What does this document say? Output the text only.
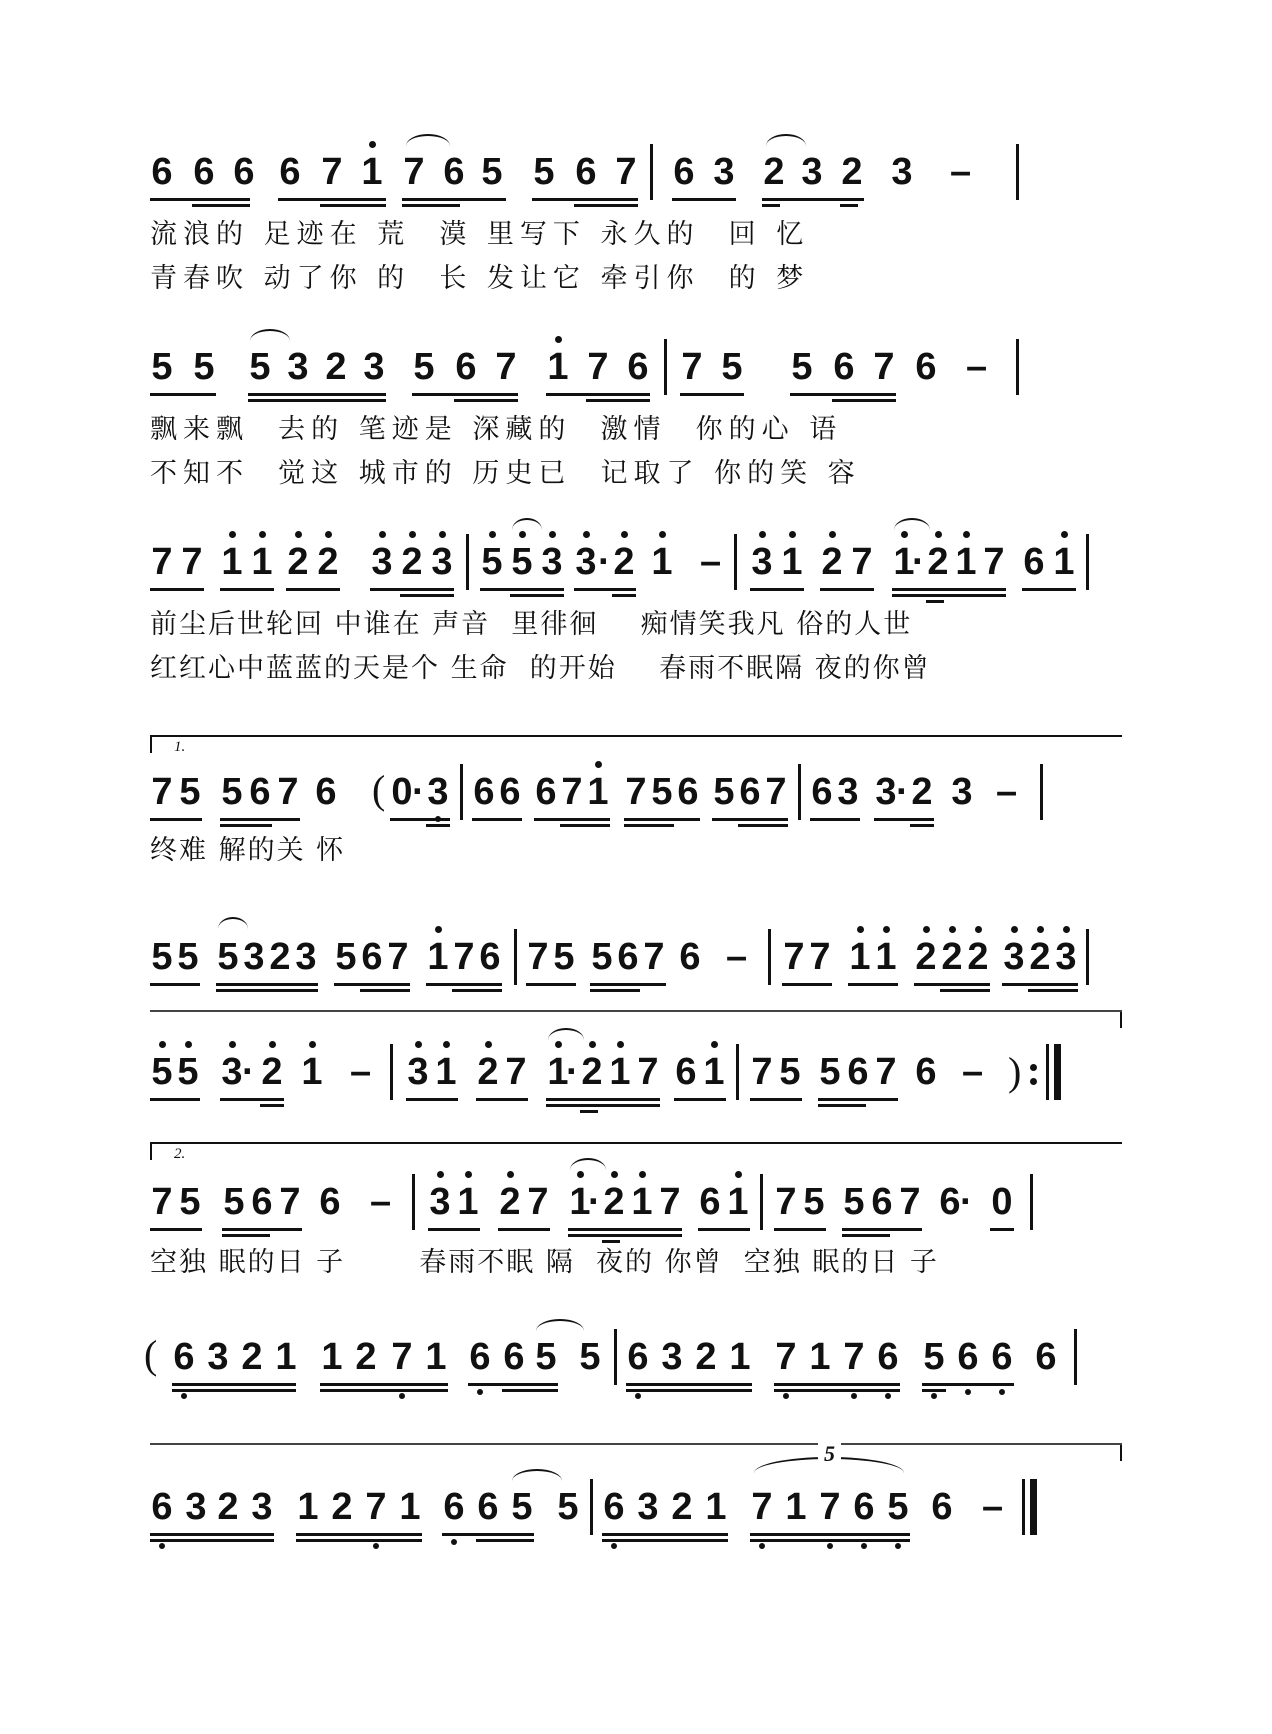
6 6 6 6 7 1 7 6 5 5 6 7 6 3 2 3 2 3 –
流浪的 足迹在 荒  漠 里写下 永久的  回 忆
青春吹 动了你 的  长 发让它 牵引你  的 梦
5 5 5 3 2 3 5 6 7 1 7 6 7 5 5 6 7 6 –
飘来飘  去的 笔迹是 深藏的  激情  你的心 语
不知不  觉这 城市的 历史已  记取了 你的笑 容
7 7 1 1 2 2 3 2 3 5 5 3 3 · 2 1 – 3 1 2 7 1
· 2 1 7 6 1
前尘后世轮回 中谁在 声音  里徘徊    痴情笑我凡 俗的人世
红红心中蓝蓝的天是个 生命  的开始    春雨不眠隔 夜的你曾
1.
7 5 5 6 7 6 ( 0 · 3 6 6 6 7 1 7 5 6 5 6 7 6 3 3 · 2 3 –
终难 解的关 怀
5 5 5 3 2 3 5 6 7 1 7 6 7 5 5 6 7 6 – 7 7 1 1 2 2 2 3 2 3
5 5 3 · 2 1 – 3 1 2 7 1
· 2 1 7 6 1 7 5 5 6 7 6 – )
2.
7 5 5 6 7 6 – 3 1 2 7 1
· 2 1 7 6 1 7 5 5 6 7 6 · 0
空独 眠的日 子       春雨不眠 隔  夜的 你曾  空独 眠的日 子
( 6 3 2 1 1 2 7 1 6 6 5 5 6 3 2 1 7 1 7 6 5 6 6 6
6 3 2 3 1 2 7 1 6 6 5 5 6 3 2 1 7 1 7 6 5 6 –
5
